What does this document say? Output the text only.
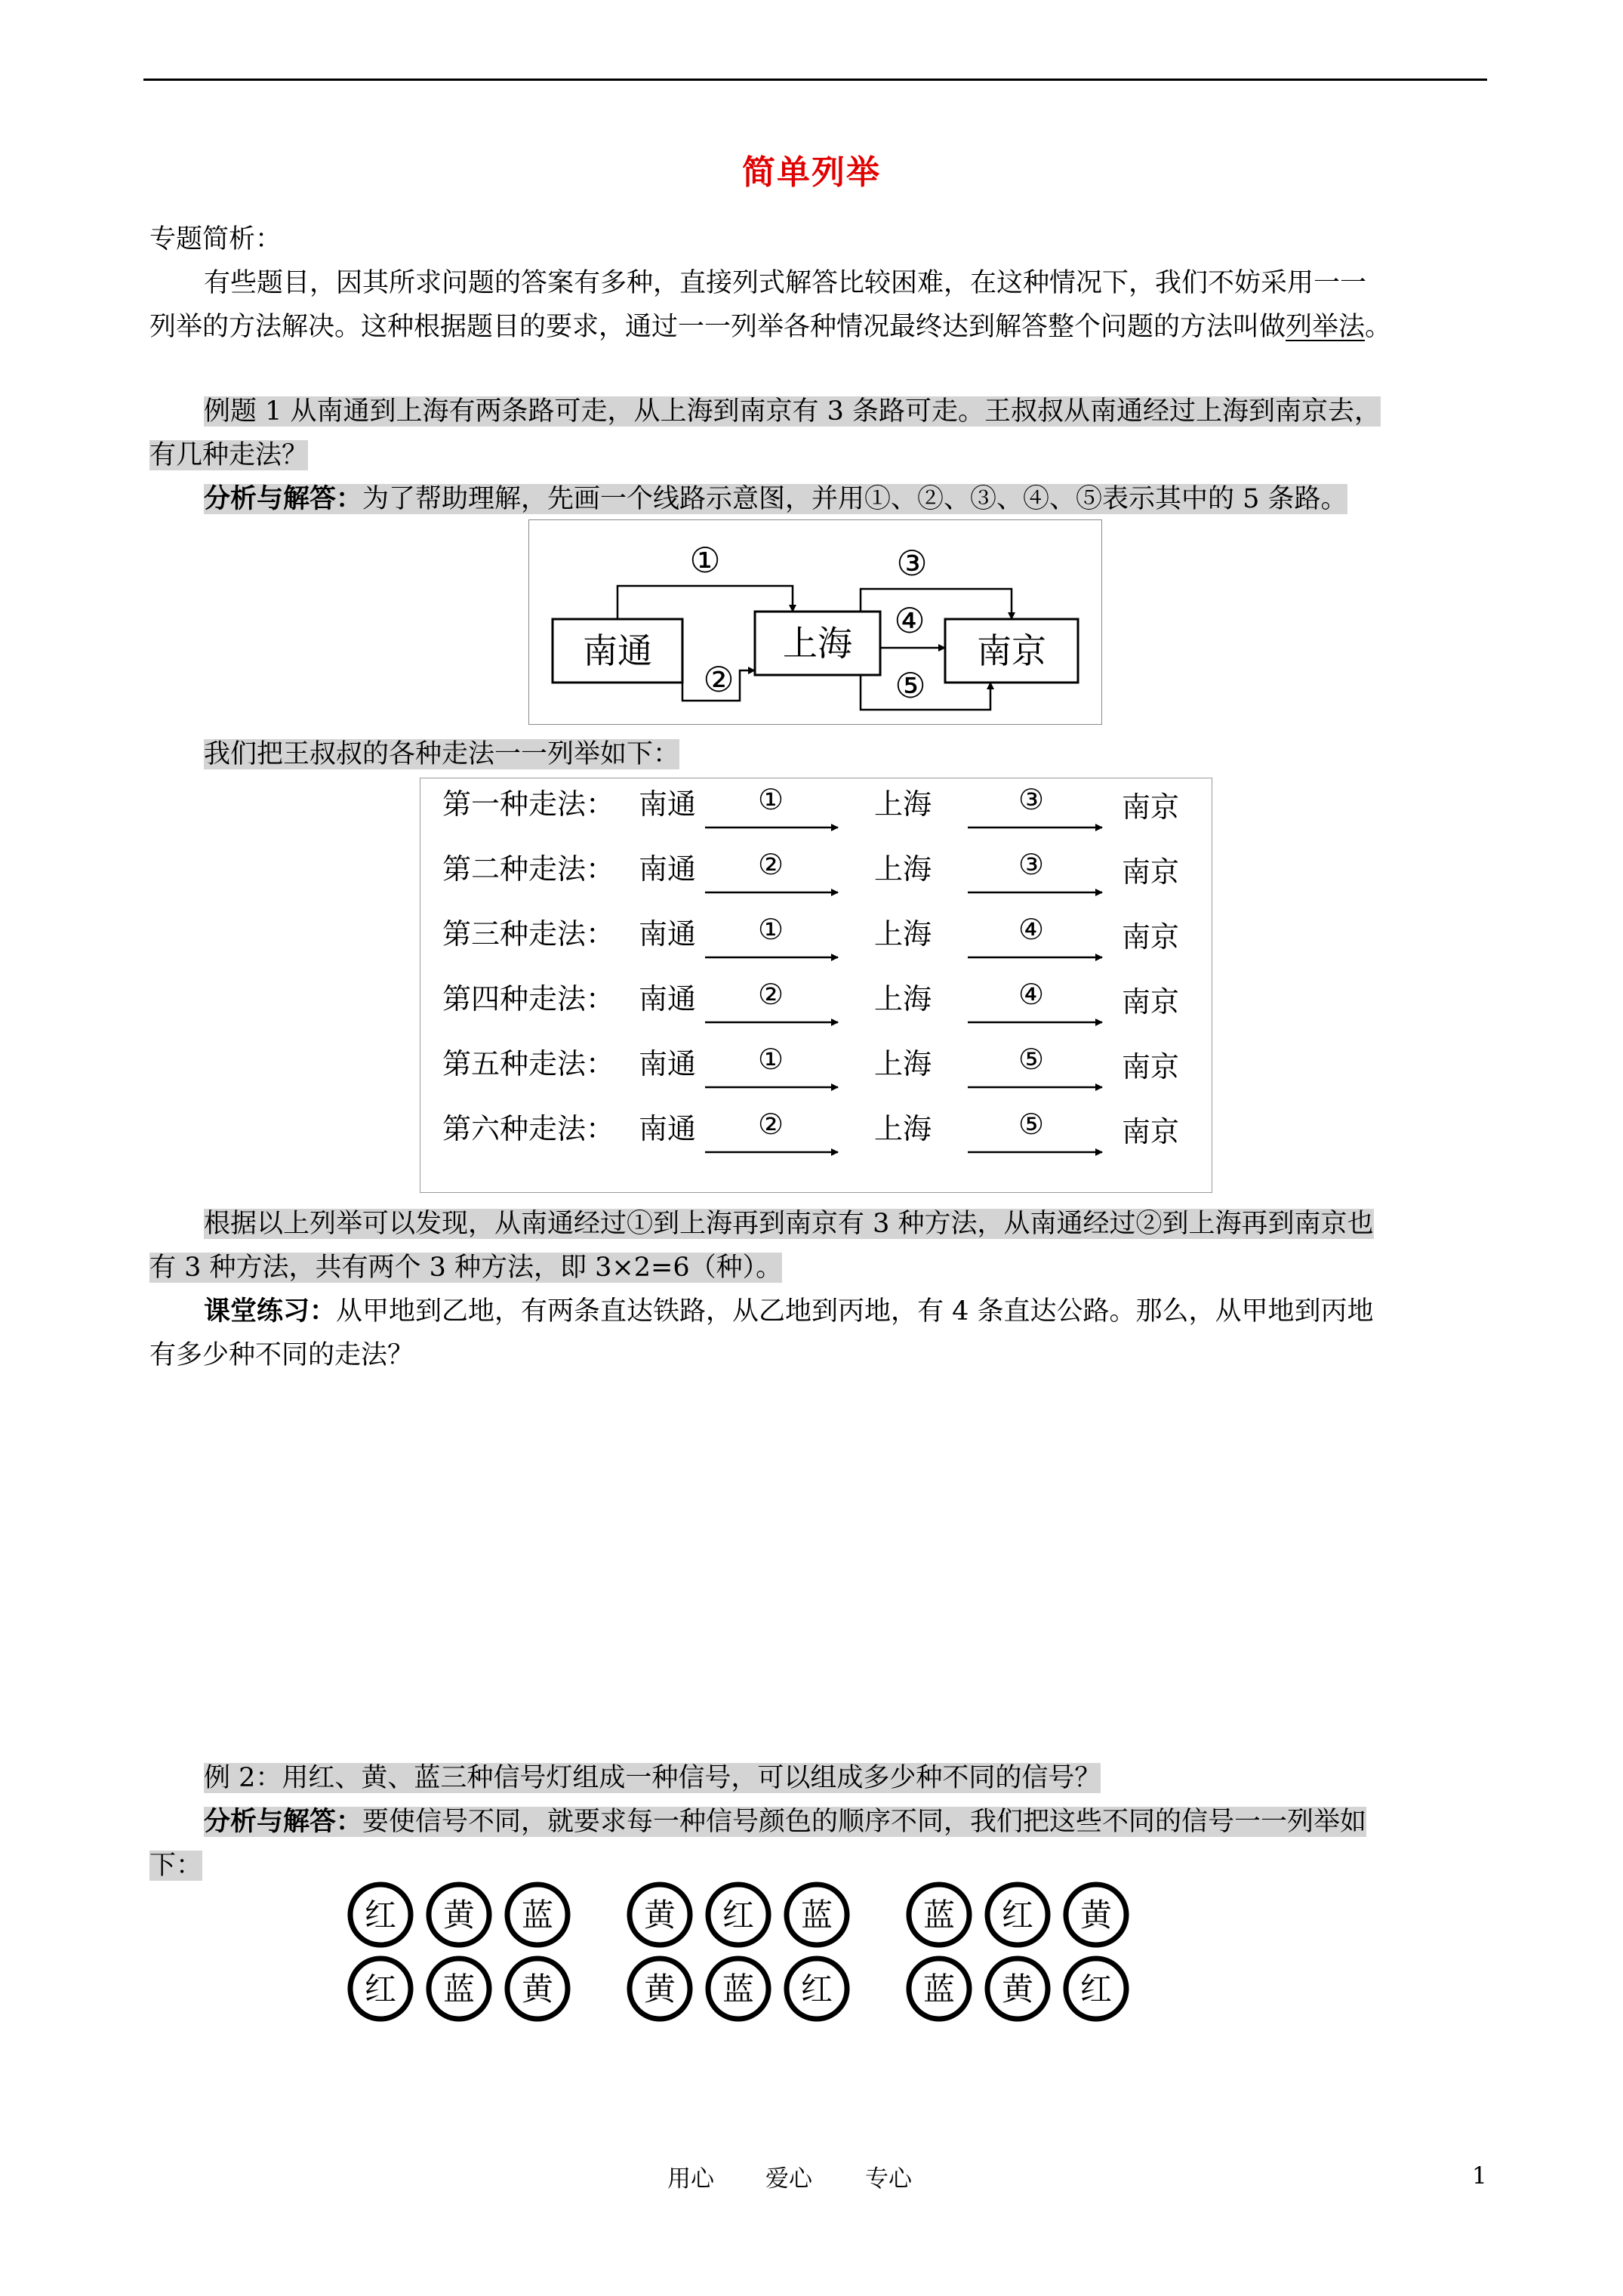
简单列举
专题简析：
有些题目，因其所求问题的答案有多种，直接列式解答比较困难，在这种情况下，我们不妨采用一一
列举的方法解决。这种根据题目的要求，通过一一列举各种情况最终达到解答整个问题的方法叫做列举法。
例题 1 从南通到上海有两条路可走，从上海到南京有 3 条路可走。王叔叔从南通经过上海到南京去，
有几种走法？
分析与解答：为了帮助理解，先画一个线路示意图，并用①、②、③、④、⑤表示其中的 5 条路。
南通	上海	南京
①
②
③
④
⑤
我们把王叔叔的各种走法一一列举如下：
第一种走法： 南通 ①	上海	③	南京
第二种走法： 南通 ②	上海	③	南京
第三种走法： 南通 ①	上海	④	南京
第四种走法： 南通 ②	上海	④	南京
第五种走法： 南通 ①	上海	⑤	南京
第六种走法： 南通 ②	上海	⑤	南京
根据以上列举可以发现，从南通经过①到上海再到南京有 3 种方法，从南通经过②到上海再到南京也
有 3 种方法，共有两个 3 种方法，即 3×2=6（种）。
课堂练习：从甲地到乙地，有两条直达铁路，从乙地到丙地，有 4 条直达公路。那么，从甲地到丙地
有多少种不同的走法？
例 2：用红、黄、蓝三种信号灯组成一种信号，可以组成多少种不同的信号？
分析与解答：要使信号不同，就要求每一种信号颜色的顺序不同，我们把这些不同的信号一一列举如
下：
红 黄 蓝	黄 红 蓝	蓝 红 黄
红 蓝 黄	黄 蓝 红	蓝 黄 红
用心 爱心 专心	1
